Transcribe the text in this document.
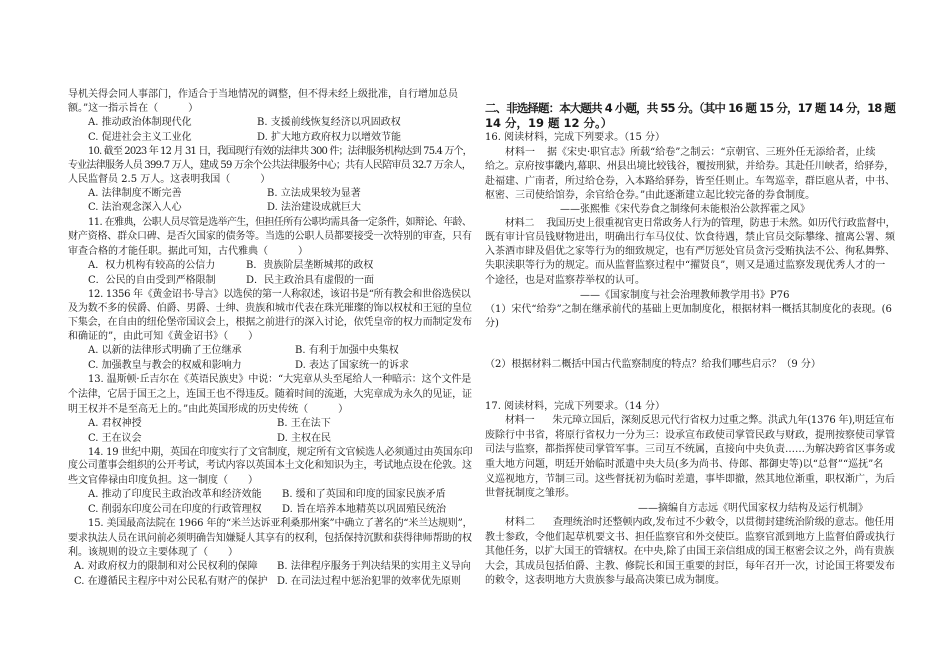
导机关得会同人事部门，作适合于当地情况的调整，但不得未经上级批准，自行增加总员
额。”这一指示旨在（　　　）
A. 推动政治体制现代化	B. 支援前线恢复经济以巩固政权
C. 促进社会主义工业化	D. 扩大地方政府权力以增效节能
10. 截至 2023 年 12 月 31 日，我国现行有效的法律共 300 件；法律服务机构达到 75.4 万个，
专业法律服务人员 399.7 万人，建成 59 万余个公共法律服务中心；共有人民陪审员 32.7 万余人，
人民监督员 2.5 万人。这表明我国（　　　）
A. 法律制度不断完善	B. 立法成果较为显著
C. 法治观念深入人心	D. 法治建设成就巨大
11. 在雅典，公职人员尽管是选举产生，但担任所有公职均需具备一定条件，如辩论、年龄、
财产资格、群众口碑、是否欠国家的债务等。当选的公职人员都要接受一次特别的审查，只有
审查合格的才能任职。据此可知，古代雅典（　　　）
A．权力机构有较高的公信力	B．贵族阶层垄断城邦的政权
C．公民的自由受到严格限制	D．民主政治具有虚假的一面
12. 1356 年《黄金诏书·导言》以选侯的第一人称叙述，该诏书是“所有教会和世俗选侯以
及为数不多的侯爵、伯爵、男爵、士绅、贵族和城市代表在珠光璀璨的饰以权杖和王冠的皇位
下集会，在自由的纽伦堡帝国议会上，根据之前进行的深入讨论，依凭皇帝的权力而制定发布
和确证的”，由此可知《黄金诏书》（　　）
A. 以新的法律形式明确了王位继承	B. 有利于加强中央集权
C. 加强教皇与教会的权威和影响力	D. 表达了国家统一的诉求
13. 温斯顿·丘吉尔在《英语民族史》中说：“大宪章从头至尾给人一种暗示：这个文件是
个法律，它居于国王之上，连国王也不得违反。随着时间的流逝，大宪章成为永久的见证，证
明王权并不是至高无上的。”由此英国形成的历史传统（　　　）
A. 君权神授	B. 王在法下
C. 王在议会	D. 主权在民
14. 19 世纪中期，英国在印度实行了文官制度，规定所有文官候选人必须通过由英国东印
度公司董事会组织的公开考试，考试内容以英国本土文化和知识为主，考试地点设在伦敦。这
些文官俸禄由印度负担。这一制度（　　）
A. 推动了印度民主政治改革和经济效能	B. 缓和了英国和印度的国家民族矛盾
C. 削弱东印度公司在印度的行政管理权	D. 旨在培养本地精英以巩固殖民统治
15. 美国最高法院在 1966 年的“米兰达诉亚利桑那州案”中确立了著名的“米兰达规则”，
要求执法人员在讯问前必须明确告知嫌疑人其享有的权利，包括保持沉默和获得律师帮助的权
利。该规则的设立主要体现了（　　）
A. 对政府权力的限制和对公民权利的保障	B. 法律程序服务于判决结果的实用主义导向
C. 在遵循民主程序中对公民私有财产的保护 D. 在司法过程中惩治犯罪的效率优先原则
二、非选择题：本大题共 4 小题，共 55 分。（其中 16 题 15 分，17 题 14 分，18 题
14 分，19 题 12 分。）
16. 阅读材料，完成下列要求。（15 分）
材料一 据《宋史·职官志》所载“给卷”之制云：“京朝官、三班外任无添给者，止续
给之。京府按事畿内,幕职、州县出境比较钱谷，覆按刑狱，并给券。其赴任川峡者，给驿券，
赴福建、广南者，所过给仓券，入本路给驿券，皆至任则止。车驾巡幸，群臣扈从者，中书、
枢密、三司使给馆券，余官给仓券。”由此逐渐建立起比较完备的券食制度。
——张熙惟《宋代券食之制缘何未能根治公款挥霍之风》
材料二 我国历史上很重视官吏日常政务人行为的管理，防患于未然。如历代行政监督中，
既有审计官员钱财物进出，明确出行车马仪仗、饮食待遇，禁止官员交际攀缘、擅离公署、频
入茶酒市肆及倡优之家等行为的细致规定，也有严厉惩处官员贪污受贿执法不公、徇私舞弊、
失职渎职等行为的规定。而从监督监察过程中“擢贤良”，则又是通过监察发现优秀人才的一
个途径，也是对监察荐举权的认可。
——《国家制度与社会治理教师教学用书》P76
（1）宋代“给券”之制在继承前代的基础上更加制度化，根据材料一概括其制度化的表现。(6
分)
（2）根据材料二概括中国古代监察制度的特点？给我们哪些启示？（9 分）
17. 阅读材料，完成下列要求。（14 分）
材料一 朱元璋立国后，深刻反思元代行省权力过重之弊。洪武九年(1376 年),明廷宣布
废除行中书省，将原行省权力一分为三：设承宣布政使司掌管民政与财政，提刑按察使司掌管
司法与监察，都指挥使司掌管军事。三司互不统属，直接向中央负责……为解决跨省区事务或
重大地方问题，明廷开始临时派遣中央大员(多为尚书、侍郎、都御史等)以“总督”“巡抚”名
义巡视地方，节制三司。这些督抚初为临时差遣，事毕即撤，然其地位渐重，职权渐广，为后
世督抚制度之雏形。
——摘编自方志远《明代国家权力结构及运行机制》
材料二 查理统治时还整顿内政,发布过不少敕令，以贯彻封建统治阶级的意志。他任用
教士参政，令他们起草机要文书、担任监察官和外交使臣。监察官派到地方上监督伯爵或执行
其他任务，以扩大国王的管辖权。在中央,除了由国王亲信组成的国王枢密会议之外，尚有贵族
大会，其成员包括伯爵、主教、修院长和国王重要的封臣，每年召开一次，讨论国王将要发布
的敕令，这表明地方大贵族参与最高决策已成为制度。
